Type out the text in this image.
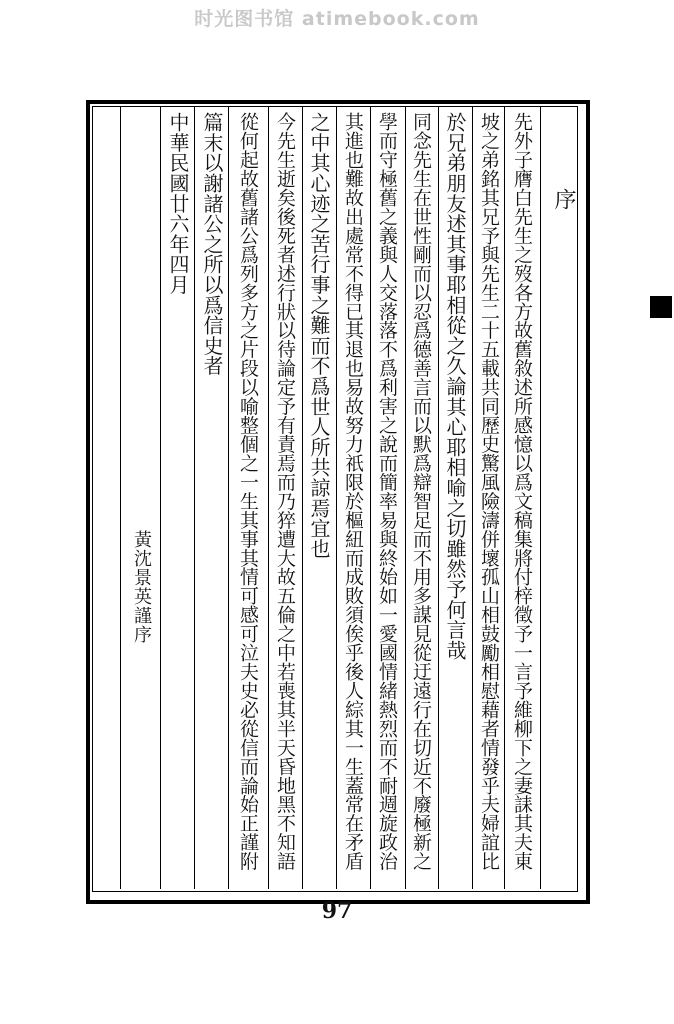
时光图书馆 atimebook.com
序
先外子膺白先生之歿各方故舊敘述所感憶以爲文稿集將付梓徵予一言予維柳下之妻誄其夫東
坡之弟銘其兄予與先生二十五載共同歷史驚風險濤併壞孤山相鼓勵相慰藉者情發乎夫婦誼比
於兄弟朋友述其事耶相從之久論其心耶相喻之切雖然予何言哉
同念先生在世性剛而以忍爲德善言而以默爲辯智足而不用多謀見從迂遠行在切近不廢極新之
學而守極舊之義與人交落落不爲利害之說而簡率易與終始如一愛國情緒熱烈而不耐週旋政治
其進也難故出處常不得已其退也易故努力祇限於樞紐而成敗須俟乎後人綜其一生蓋常在矛盾
之中其心迹之苦行事之難而不爲世人所共諒焉宜也
今先生逝矣後死者述行狀以待論定予有責焉而乃猝遭大故五倫之中若喪其半天昏地黑不知語
從何起故舊諸公爲列多方之片段以喻整個之一生其事其情可感可泣夫史必從信而論始正謹附
篇末以謝諸公之所以爲信史者
中華民國廿六年四月
黃沈景英謹序
97
